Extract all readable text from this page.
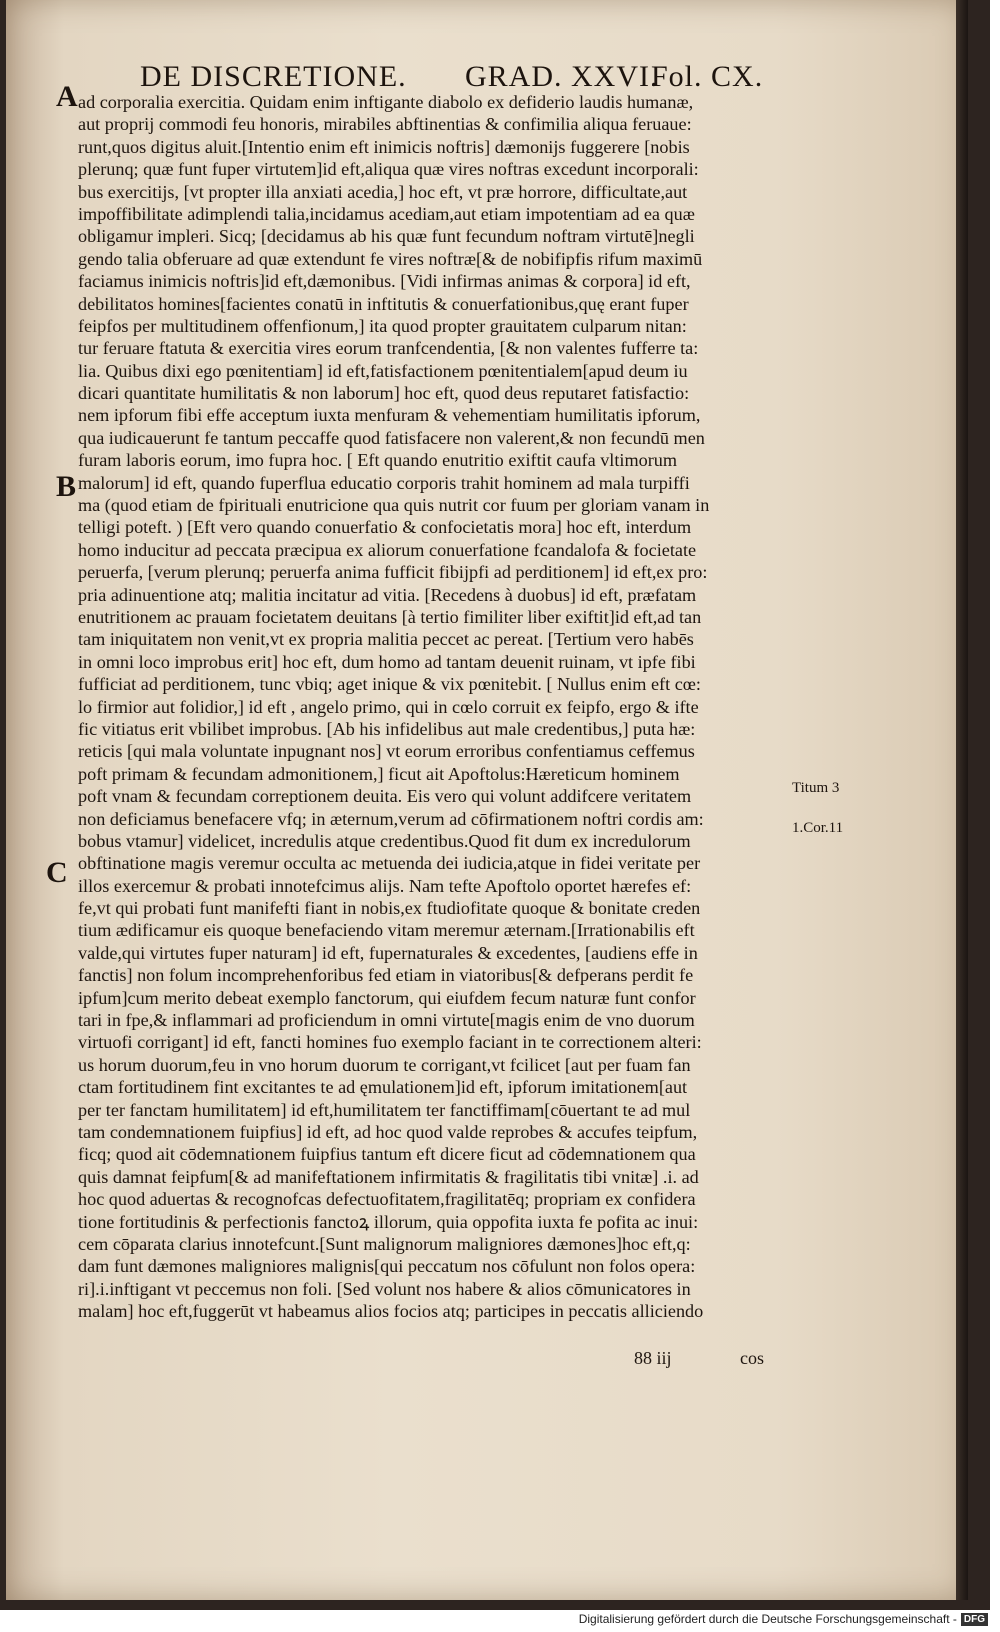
DE DISCRETIONE. GRAD. XXVI.
Fol. CX.
A
B
C
ad corporalia exercitia. Quidam enim inftigante diabolo ex defiderio laudis humanæ,
aut proprij commodi feu honoris, mirabiles abftinentias & confimilia aliqua feruaue:
runt,quos digitus aluit.[Intentio enim eft inimicis noftris] dæmonijs fuggerere [nobis
plerunq; quæ funt fuper virtutem]id eft,aliqua quæ vires noftras excedunt incorporali:
bus exercitijs, [vt propter illa anxiati acedia,] hoc eft, vt præ horrore, difficultate,aut
impoffibilitate adimplendi talia,incidamus acediam,aut etiam impotentiam ad ea quæ
obligamur impleri. Sicq; [decidamus ab his quæ funt fecundum noftram virtutē]negli
gendo talia obferuare ad quæ extendunt fe vires noftræ[& de nobifipfis rifum maximū
faciamus inimicis noftris]id eft,dæmonibus. [Vidi infirmas animas & corpora] id eft,
debilitatos homines[facientes conatū in inftitutis & conuerfationibus,quę erant fuper
feipfos per multitudinem offenfionum,] ita quod propter grauitatem culparum nitan:
tur feruare ftatuta & exercitia vires eorum tranfcendentia, [& non valentes fufferre ta:
lia. Quibus dixi ego pœnitentiam] id eft,fatisfactionem pœnitentialem[apud deum iu
dicari quantitate humilitatis & non laborum] hoc eft, quod deus reputaret fatisfactio:
nem ipforum fibi effe acceptum iuxta menfuram & vehementiam humilitatis ipforum,
qua iudicauerunt fe tantum peccaffe quod fatisfacere non valerent,& non fecundū men
furam laboris eorum, imo fupra hoc. [ Eft quando enutritio exiftit caufa vltimorum
malorum] id eft, quando fuperflua educatio corporis trahit hominem ad mala turpiffi
ma (quod etiam de fpirituali enutricione qua quis nutrit cor fuum per gloriam vanam in
telligi poteft. ) [Eft vero quando conuerfatio & confocietatis mora] hoc eft, interdum
homo inducitur ad peccata præcipua ex aliorum conuerfatione fcandalofa & focietate
peruerfa, [verum plerunq; peruerfa anima fufficit fibijpfi ad perditionem] id eft,ex pro:
pria adinuentione atq; malitia incitatur ad vitia. [Recedens à duobus] id eft, præfatam
enutritionem ac prauam focietatem deuitans [à tertio fimiliter liber exiftit]id eft,ad tan
tam iniquitatem non venit,vt ex propria malitia peccet ac pereat. [Tertium vero habēs
in omni loco improbus erit] hoc eft, dum homo ad tantam deuenit ruinam, vt ipfe fibi
fufficiat ad perditionem, tunc vbiq; aget inique & vix pœnitebit. [ Nullus enim eft cœ:
lo firmior aut folidior,] id eft , angelo primo, qui in cœlo corruit ex feipfo, ergo & ifte
fic vitiatus erit vbilibet improbus. [Ab his infidelibus aut male credentibus,] puta hæ:
reticis [qui mala voluntate inpugnant nos] vt eorum erroribus confentiamus ceffemus
poft primam & fecundam admonitionem,] ficut ait Apoftolus:Hæreticum hominem
poft vnam & fecundam correptionem deuita. Eis vero qui volunt addifcere veritatem
non deficiamus benefacere vfq; in æternum,verum ad cōfirmationem noftri cordis am:
bobus vtamur] videlicet, incredulis atque credentibus.Quod fit dum ex incredulorum
obftinatione magis veremur occulta ac metuenda dei iudicia,atque in fidei veritate per
illos exercemur & probati innotefcimus alijs. Nam tefte Apoftolo oportet hærefes ef:
fe,vt qui probati funt manifefti fiant in nobis,ex ftudiofitate quoque & bonitate creden
tium ædificamur eis quoque benefaciendo vitam meremur æternam.[Irrationabilis eft
valde,qui virtutes fuper naturam] id eft, fupernaturales & excedentes, [audiens effe in
fanctis] non folum incomprehenforibus fed etiam in viatoribus[& defperans perdit fe
ipfum]cum merito debeat exemplo fanctorum, qui eiufdem fecum naturæ funt confor
tari in fpe,& inflammari ad proficiendum in omni virtute[magis enim de vno duorum
virtuofi corrigant] id eft, fancti homines fuo exemplo faciant in te correctionem alteri:
us horum duorum,feu in vno horum duorum te corrigant,vt fcilicet [aut per fuam fan
ctam fortitudinem fint excitantes te ad ęmulationem]id eft, ipforum imitationem[aut
per ter fanctam humilitatem] id eft,humilitatem ter fanctiffimam[cōuertant te ad mul
tam condemnationem fuipfius] id eft, ad hoc quod valde reprobes & accufes teipfum,
ficq; quod ait cōdemnationem fuipfius tantum eft dicere ficut ad cōdemnationem qua
quis damnat feipfum[& ad manifeftationem infirmitatis & fragilitatis tibi vnitæ] .i. ad
hoc quod aduertas & recognofcas defectuofitatem,fragilitatēq; propriam ex confidera
tione fortitudinis & perfectionis fanctoꝝ illorum, quia oppofita iuxta fe pofita ac inui:
cem cōparata clarius innotefcunt.[Sunt malignorum maligniores dæmones]hoc eft,q:
dam funt dæmones maligniores malignis[qui peccatum nos cōfulunt non folos opera:
ri].i.inftigant vt peccemus non foli. [Sed volunt nos habere & alios cōmunicatores in
malam] hoc eft,fuggerūt vt habeamus alios focios atq; participes in peccatis alliciendo
Titum 3
1.Cor.11
88 iij	cos
Digitalisierung gefördert durch die Deutsche Forschungsgemeinschaft - DFG
